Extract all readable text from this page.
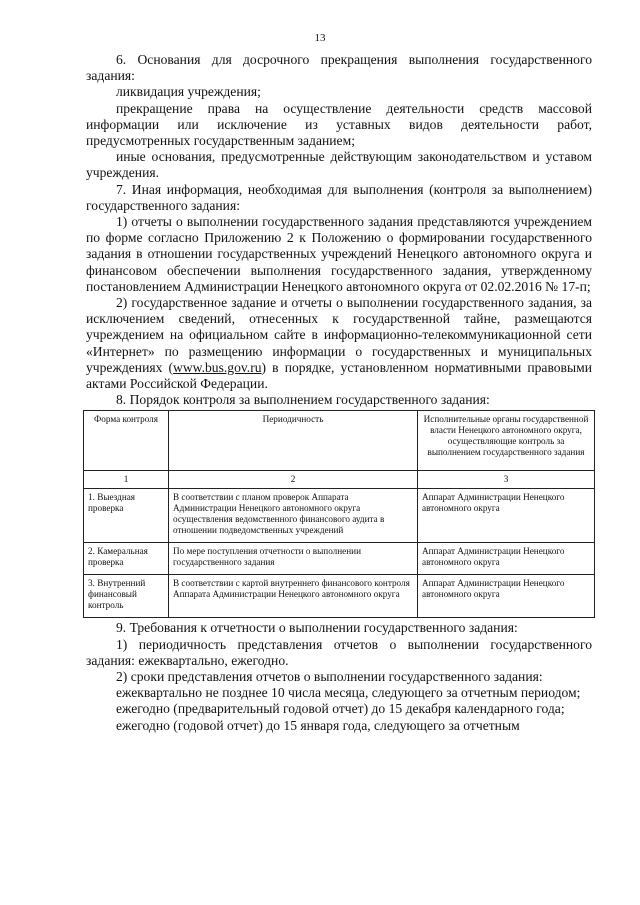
13

6. Основания для досрочного прекращения выполнения государственного задания:

ликвидация учреждения;

прекращение права на осуществление деятельности средств массовой информации или исключение из уставных видов деятельности работ, предусмотренных государственным заданием;

иные основания, предусмотренные действующим законодательством и уставом учреждения.

7. Иная информация, необходимая для выполнения (контроля за выполнением) государственного задания:

1) отчеты о выполнении государственного задания представляются учреждением по форме согласно Приложению 2 к Положению о формировании государственного задания в отношении государственных учреждений Ненецкого автономного округа и финансовом обеспечении выполнения государственного задания, утвержденному постановлением Администрации Ненецкого автономного округа от 02.02.2016 № 17-п;

2) государственное задание и отчеты о выполнении государственного задания, за исключением сведений, отнесенных к государственной тайне, размещаются учреждением на официальном сайте в информационно-телекоммуникационной сети «Интернет» по размещению информации о государственных и муниципальных учреждениях (www.bus.gov.ru) в порядке, установленном нормативными правовыми актами Российской Федерации.

8. Порядок контроля за выполнением государственного задания:

Форма контроля	Периодичность	Исполнительные органы государственной власти Ненецкого автономного округа, осуществляющие контроль за выполнением государственного задания
1	2	3
1. Выездная проверка	В соответствии с планом проверок Аппарата Администрации Ненецкого автономного округа осуществления ведомственного финансового аудита в отношении подведомственных учреждений	Аппарат Администрации Ненецкого автономного округа
2. Камеральная проверка	По мере поступления отчетности о выполнении государственного задания	Аппарат Администрации Ненецкого автономного округа
3. Внутренний финансовый контроль	В соответствии с картой внутреннего финансового контроля Аппарата Администрации Ненецкого автономного округа	Аппарат Администрации Ненецкого автономного округа

9. Требования к отчетности о выполнении государственного задания:

1) периодичность представления отчетов о выполнении государственного задания: ежеквартально, ежегодно.

2) сроки представления отчетов о выполнении государственного задания:

ежеквартально не позднее 10 числа месяца, следующего за отчетным периодом;

ежегодно (предварительный годовой отчет) до 15 декабря календарного года;

ежегодно (годовой отчет) до 15 января года, следующего за отчетным
